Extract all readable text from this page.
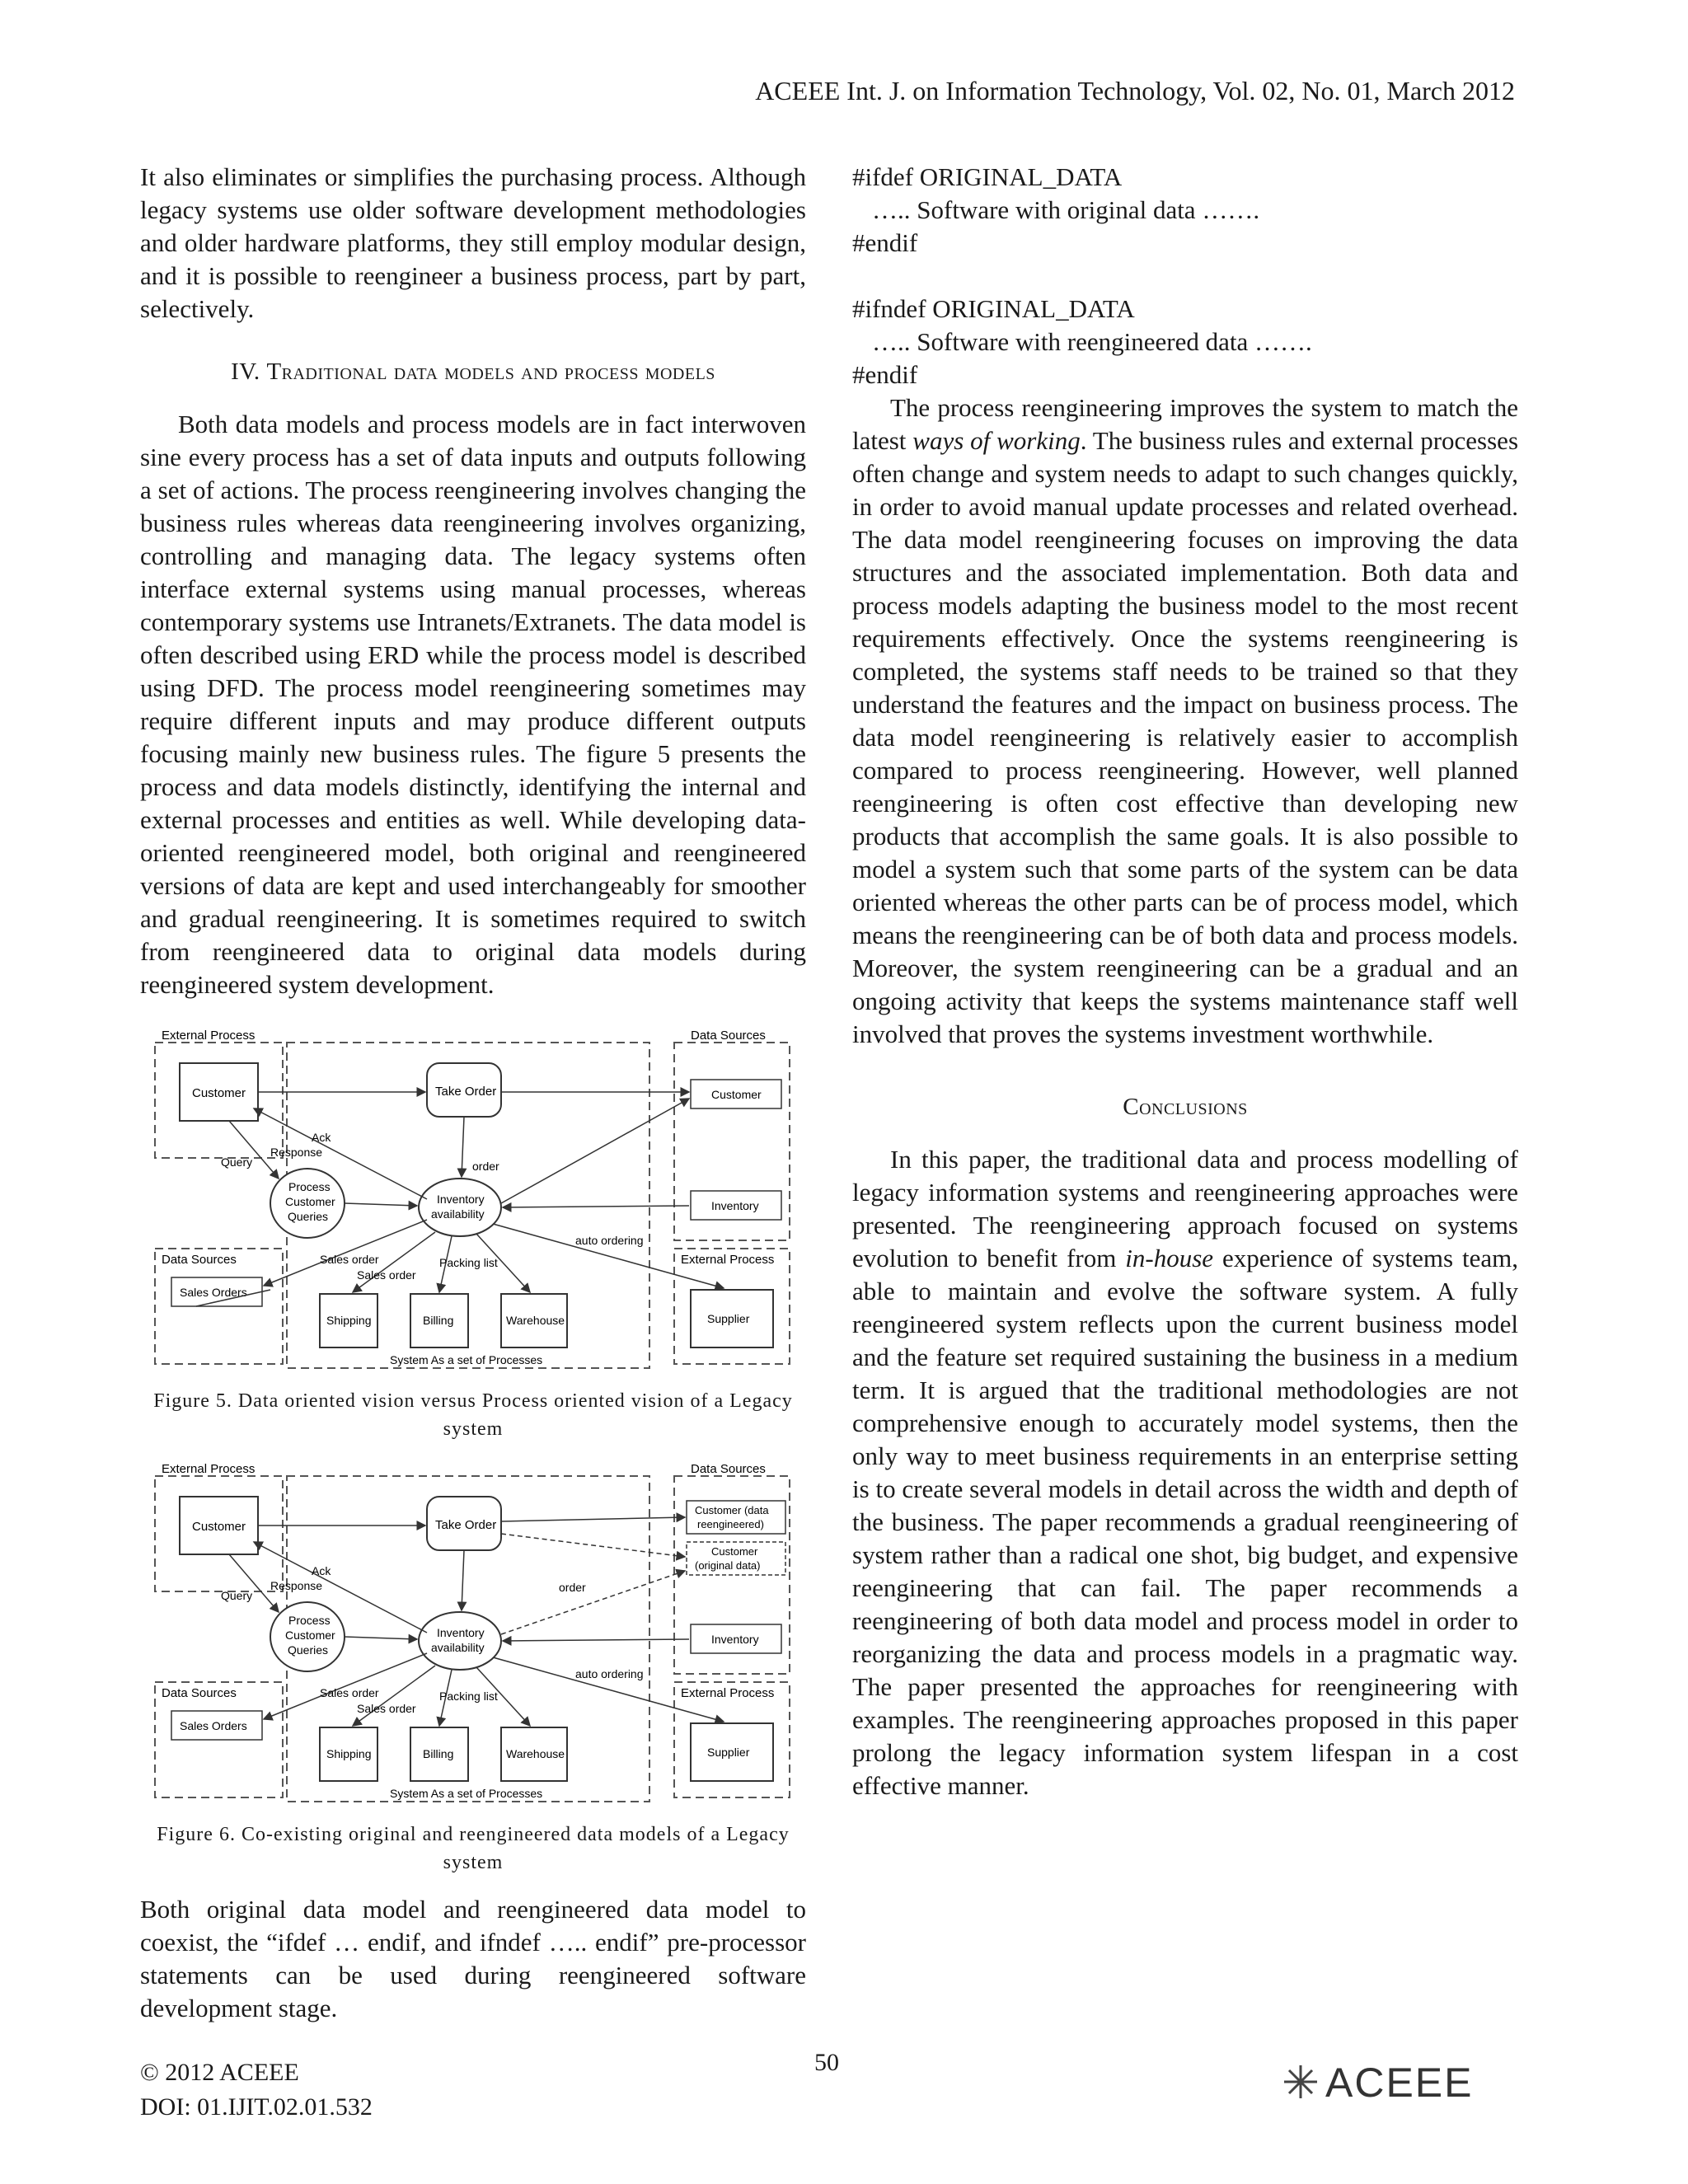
ACEEE Int. J. on Information Technology, Vol. 02, No. 01, March 2012

It also eliminates or simplifies the purchasing process. Although legacy systems use older software development methodologies and older hardware platforms, they still employ modular design, and it is possible to reengineer a business process, part by part, selectively.

IV. Traditional data models and process models

Both data models and process models are in fact interwoven sine every process has a set of data inputs and outputs following a set of actions. The process reengineering involves changing the business rules whereas data reengineering involves organizing, controlling and managing data. The legacy systems often interface external systems using manual processes, whereas contemporary systems use Intranets/Extranets. The data model is often described using ERD while the process model is described using DFD. The process model reengineering sometimes may require different inputs and may produce different outputs focusing mainly new business rules. The figure 5 presents the process and data models distinctly, identifying the internal and external processes and entities as well. While developing data-oriented reengineered model, both original and reengineered versions of data are kept and used interchangeably for smoother and gradual reengineering. It is sometimes required to switch from reengineered data to original data models during reengineered system development.

External Process	Data Sources
Data Sources	External Process
Customer	Take Order	Customer
Process
Customer
Queries
Inventory
availability
Inventory
Sales Orders
Shipping	Billing	Warehouse	Supplier
Ack
Query
Response
order
auto ordering
Sales order
Sales order
Packing list
System As a set of Processes
Figure 5. Data oriented vision versus Process oriented vision of a Legacy system
External Process	Data Sources
Data Sources	External Process
Customer	Take Order
Customer (data
reengineered)
Customer
(original data)
Process
Customer
Queries
Inventory
availability
Inventory
Sales Orders
Shipping	Billing	Warehouse	Supplier
Ack
Query
Response	order
auto ordering
Sales order
Sales order
Packing list
System As a set of Processes
Figure 6. Co-existing original and reengineered data models of a Legacy system

Both original data model and reengineered data model to coexist, the “ifdef … endif, and ifndef ….. endif” pre-processor statements can be used during reengineered software development stage.

#ifdef ORIGINAL_DATA
….. Software with original data …….
#endif
#ifndef ORIGINAL_DATA
….. Software with reengineered data …….
#endif

The process reengineering improves the system to match the latest ways of working. The business rules and external processes often change and system needs to adapt to such changes quickly, in order to avoid manual update processes and related overhead. The data model reengineering focuses on improving the data structures and the associated implementation. Both data and process models adapting the business model to the most recent requirements effectively. Once the systems reengineering is completed, the systems staff needs to be trained so that they understand the features and the impact on business process. The data model reengineering is relatively easier to accomplish compared to process reengineering. However, well planned reengineering is often cost effective than developing new products that accomplish the same goals. It is also possible to model a system such that some parts of the system can be data oriented whereas the other parts can be of process model, which means the reengineering can be of both data and process models. Moreover, the system reengineering can be a gradual and an ongoing activity that keeps the systems maintenance staff well involved that proves the systems investment worthwhile.

Conclusions

In this paper, the traditional data and process modelling of legacy information systems and reengineering approaches were presented. The reengineering approach focused on systems evolution to benefit from in-house experience of systems team, able to maintain and evolve the software system. A fully reengineered system reflects upon the current business model and the feature set required sustaining the business in a medium term. It is argued that the traditional methodologies are not comprehensive enough to accurately model systems, then the only way to meet business requirements in an enterprise setting is to create several models in detail across the width and depth of the business. The paper recommends a gradual reengineering of system rather than a radical one shot, big budget, and expensive reengineering that can fail. The paper recommends a reengineering of both data model and process model in order to reorganizing the data and process models in a pragmatic way. The paper presented the approaches for reengineering with examples. The reengineering approaches proposed in this paper prolong the legacy information system lifespan in a cost effective manner.

© 2012 ACEEE
DOI: 01.IJIT.02.01.532
50	ACEEE
